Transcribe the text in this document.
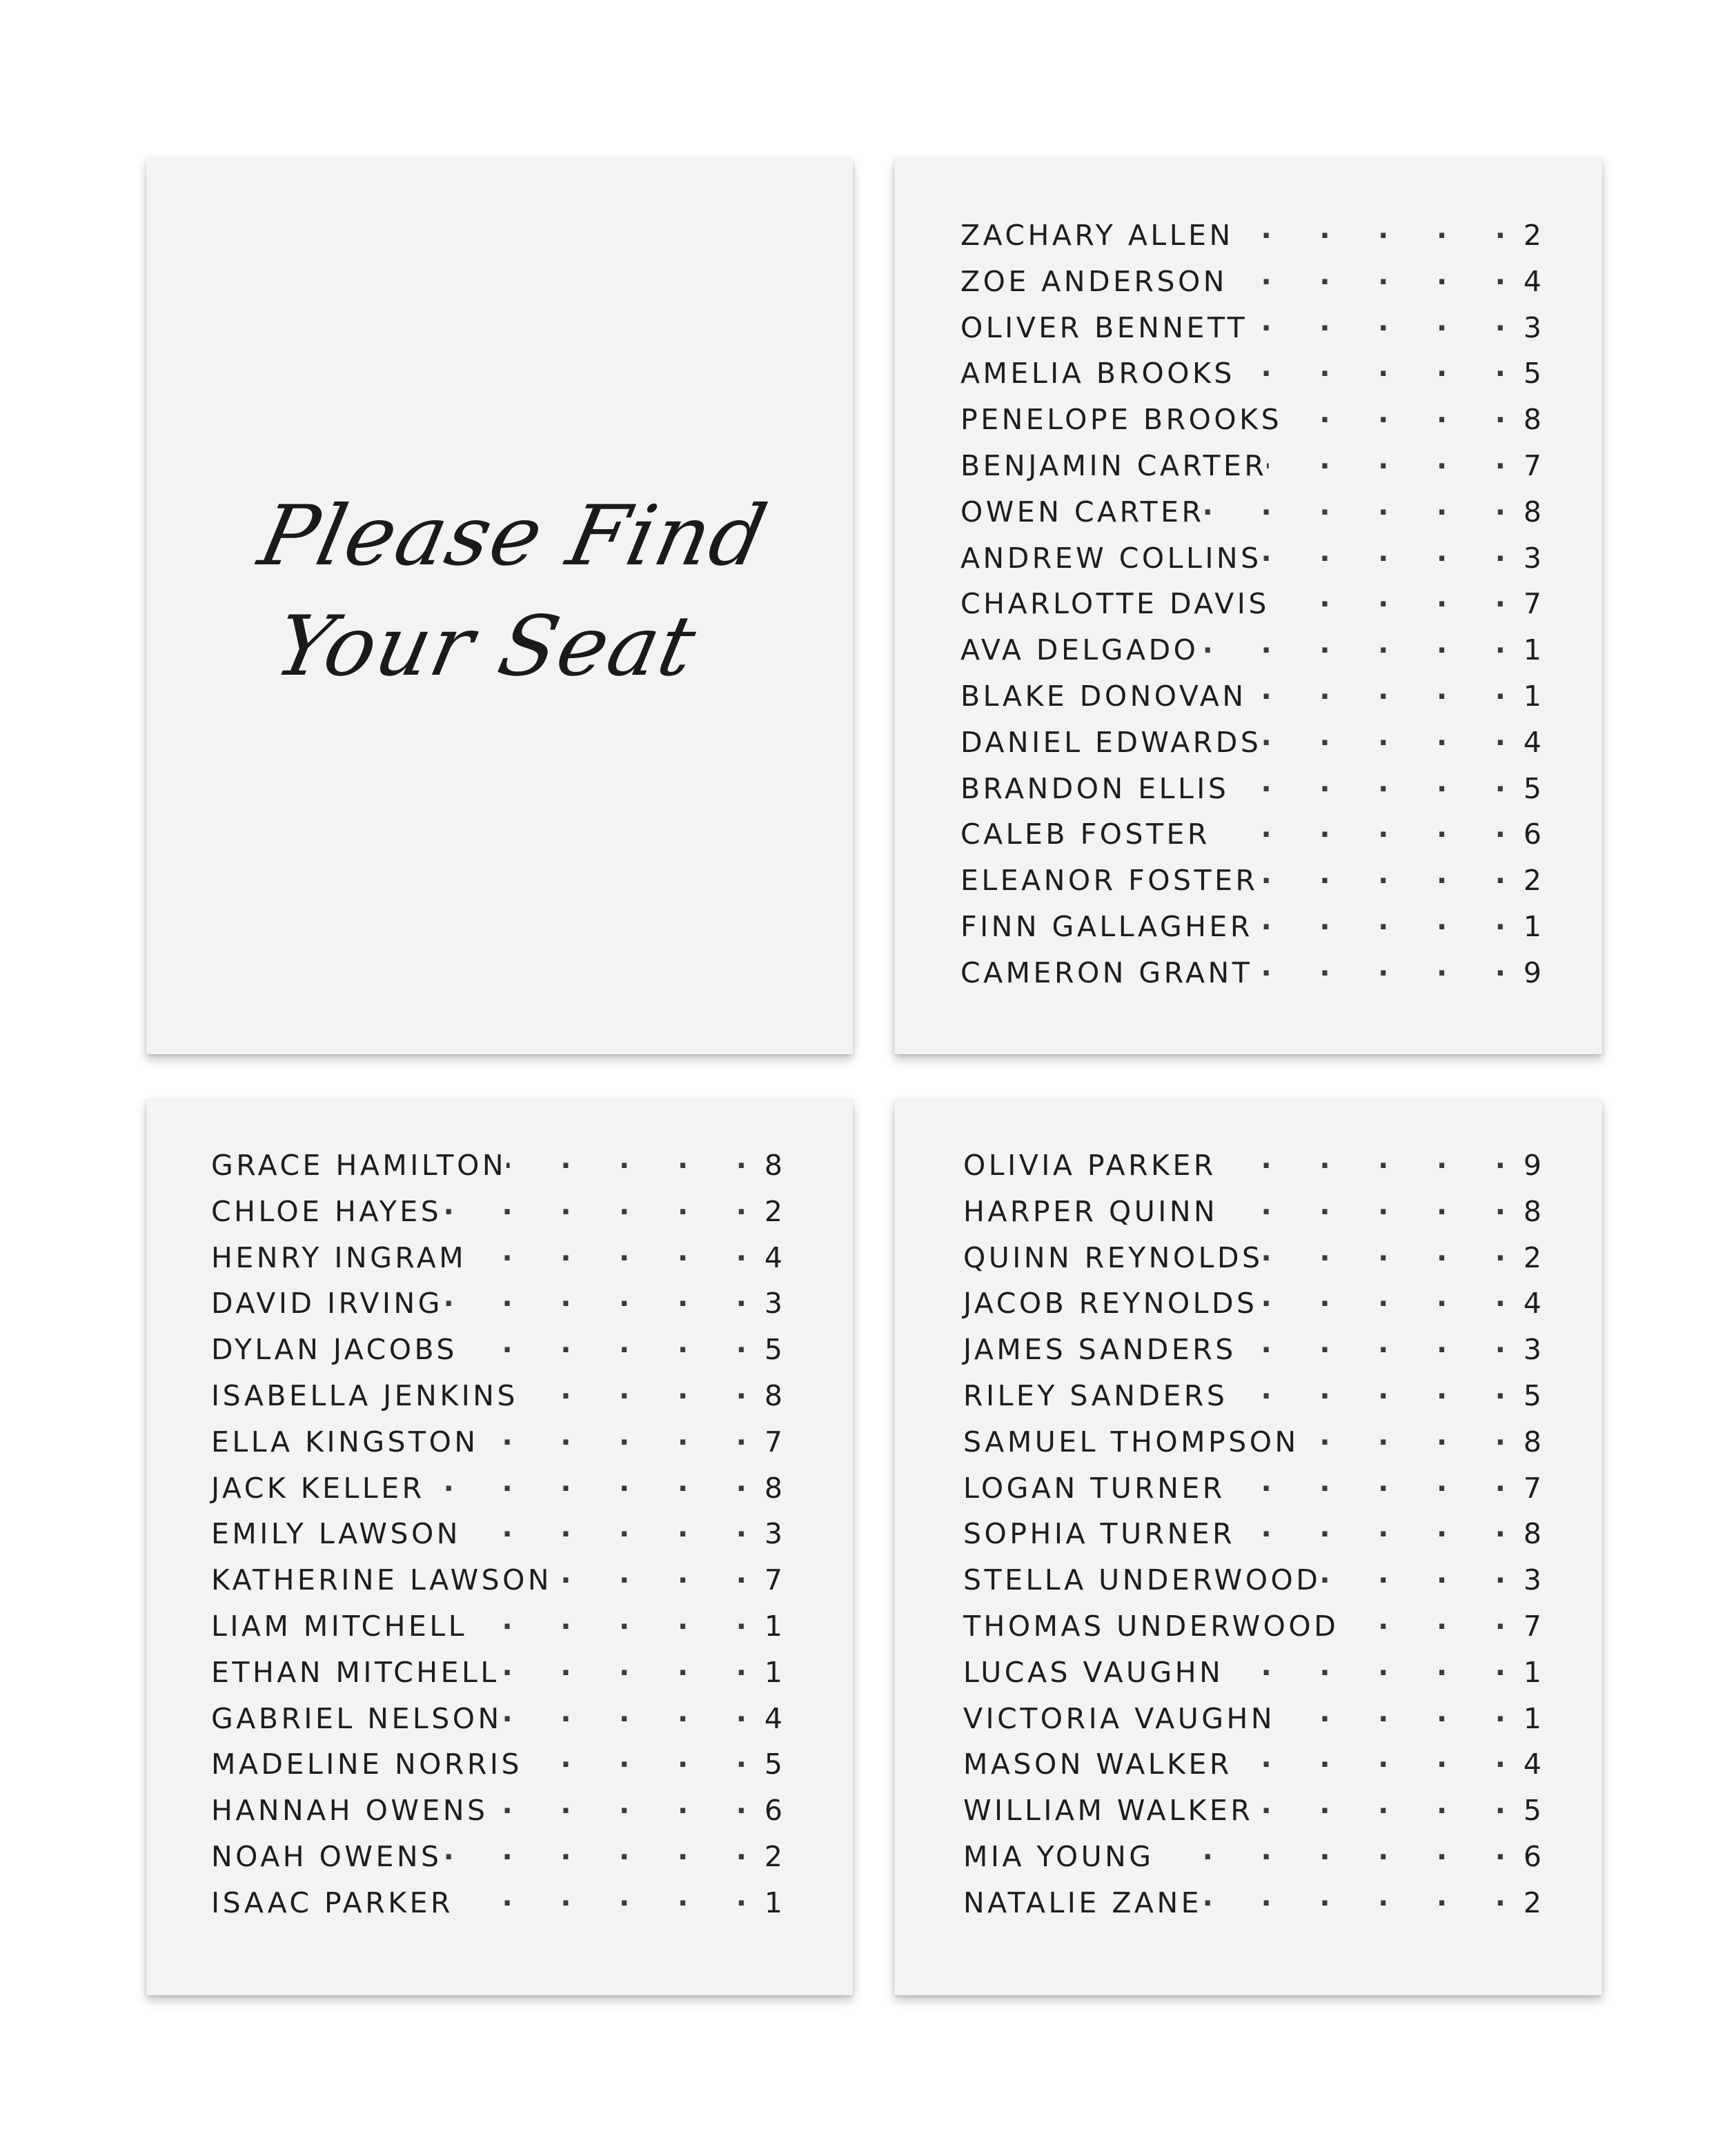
Please Find
Your Seat
ZACHARY ALLEN ·	2
ZOE ANDERSON ·	4
OLIVER BENNETT ·	3
AMELIA BROOKS ·	5
PENELOPE BROOKS ·	8
BENJAMIN CARTER ·	7
OWEN CARTER ·	8
ANDREW COLLINS ·	3
CHARLOTTE DAVIS ·	7
AVA DELGADO ·	1
BLAKE DONOVAN ·	1
DANIEL EDWARDS ·	4
BRANDON ELLIS ·	5
CALEB FOSTER ·	6
ELEANOR FOSTER ·	2
FINN GALLAGHER ·	1
CAMERON GRANT ·	9
GRACE HAMILTON ·	8
CHLOE HAYES ·	2
HENRY INGRAM ·	4
DAVID IRVING ·	3
DYLAN JACOBS ·	5
ISABELLA JENKINS ·	8
ELLA KINGSTON ·	7
JACK KELLER ·	8
EMILY LAWSON ·	3
KATHERINE LAWSON ·	7
LIAM MITCHELL ·	1
ETHAN MITCHELL ·	1
GABRIEL NELSON ·	4
MADELINE NORRIS ·	5
HANNAH OWENS ·	6
NOAH OWENS ·	2
ISAAC PARKER ·	1
OLIVIA PARKER ·	9
HARPER QUINN ·	8
QUINN REYNOLDS ·	2
JACOB REYNOLDS ·	4
JAMES SANDERS ·	3
RILEY SANDERS ·	5
SAMUEL THOMPSON ·	8
LOGAN TURNER ·	7
SOPHIA TURNER ·	8
STELLA UNDERWOOD ·	3
THOMAS UNDERWOOD ·	7
LUCAS VAUGHN ·	1
VICTORIA VAUGHN ·	1
MASON WALKER ·	4
WILLIAM WALKER ·	5
MIA YOUNG ·	6
NATALIE ZANE ·	2
